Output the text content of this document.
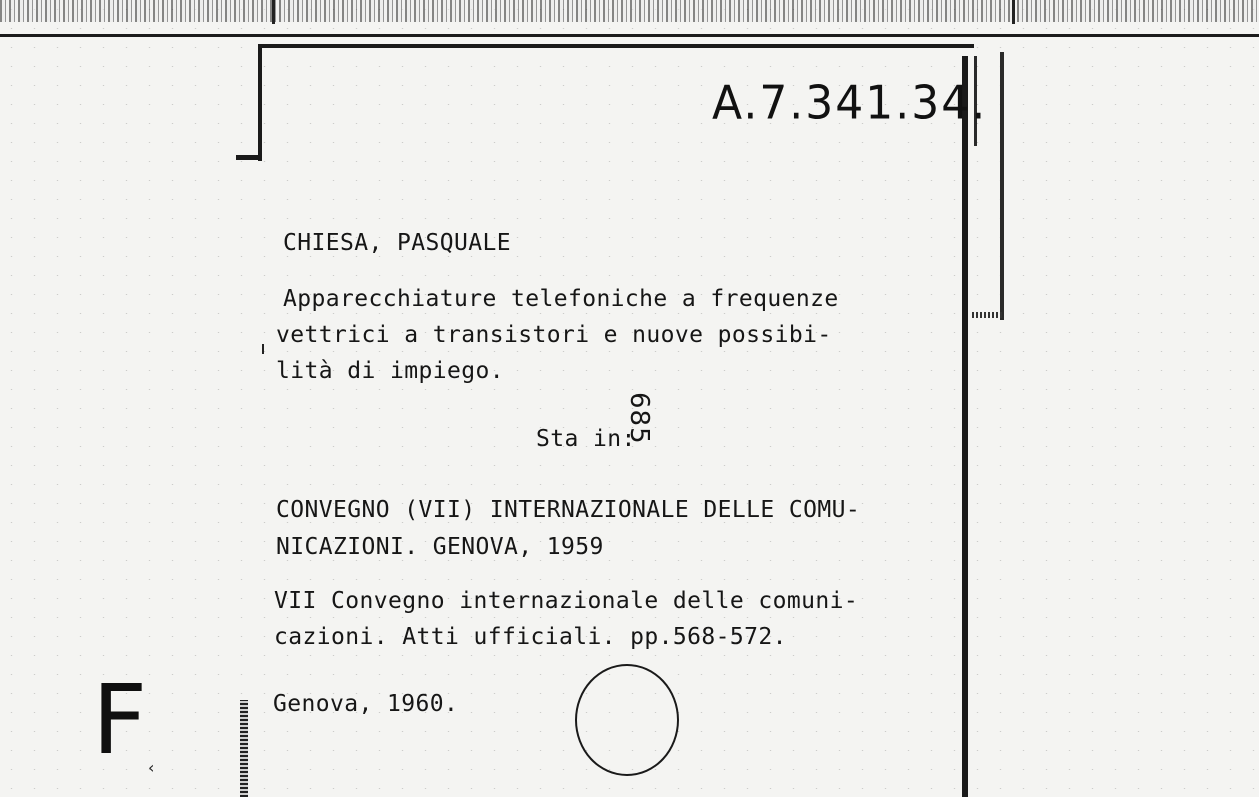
A.7.341.34.
CHIESA, PASQUALE
Apparecchiature telefoniche a frequenze
vettrici a transistori e nuove possibi-
lità di impiego.
Sta in:
685
CONVEGNO (VII) INTERNAZIONALE DELLE COMU-
NICAZIONI. GENOVA, 1959
VII Convegno internazionale delle comuni-
cazioni. Atti ufficiali. pp.568-572.
Genova, 1960.
F ‹
